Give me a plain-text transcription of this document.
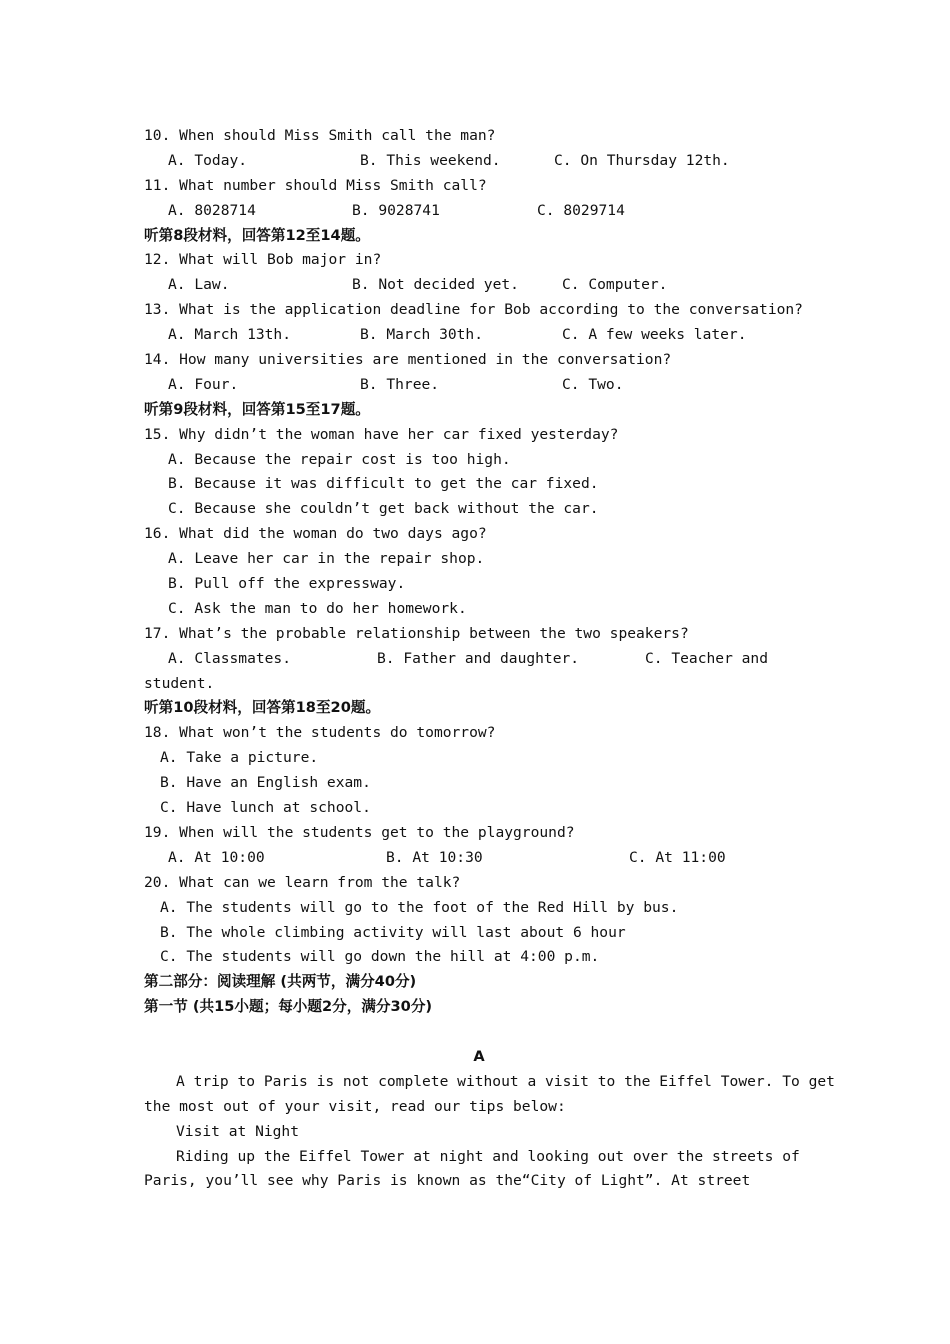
10. When should Miss Smith call the man?

A. Today.

	B. This weekend.

	C. On Thursday 12th.

11. What number should Miss Smith call?

A. 8028714

	B. 9028741

	C. 8029714

听第8段材料，回答第12至14题。
12. What will Bob major in?

A. Law.

	B. Not decided yet.

	C. Computer.

13. What is the application deadline for Bob according to the conversation?

A. March 13th.

	B. March 30th.

	C. A few weeks later.

14. How many universities are mentioned in the conversation?

A. Four.

	B. Three.

	C. Two.

听第9段材料，回答第15至17题。
15. Why didn’t the woman have her car fixed yesterday?
A. Because the repair cost is too high.
B. Because it was difficult to get the car fixed.
C. Because she couldn’t get back without the car.
16. What did the woman do two days ago?
A. Leave her car in the repair shop.
B. Pull off the expressway.
C. Ask the man to do her homework.
17. What’s the probable relationship between the two speakers?

A. Classmates.

	B. Father and daughter.

	C. Teacher and

student.
听第10段材料，回答第18至20题。
18. What won’t the students do tomorrow?
A. Take a picture.
B. Have an English exam.
C. Have lunch at school.
19. When will the students get to the playground?

A. At 10:00

	B. At 10:30

	C. At 11:00

20. What can we learn from the talk?
A. The students will go to the foot of the Red Hill by bus.
B. The whole climbing activity will last about 6 hour
C. The students will go down the hill at 4:00 p.m.
第二部分：阅读理解 (共两节，满分40分)
第一节 (共15小题；每小题2分，满分30分)
A
A trip to Paris is not complete without a visit to the Eiffel Tower. To get
the most out of your visit, read our tips below:
Visit at Night
Riding up the Eiffel Tower at night and looking out over the streets of
Paris, you’ll see why Paris is known as the“City of Light”. At street
